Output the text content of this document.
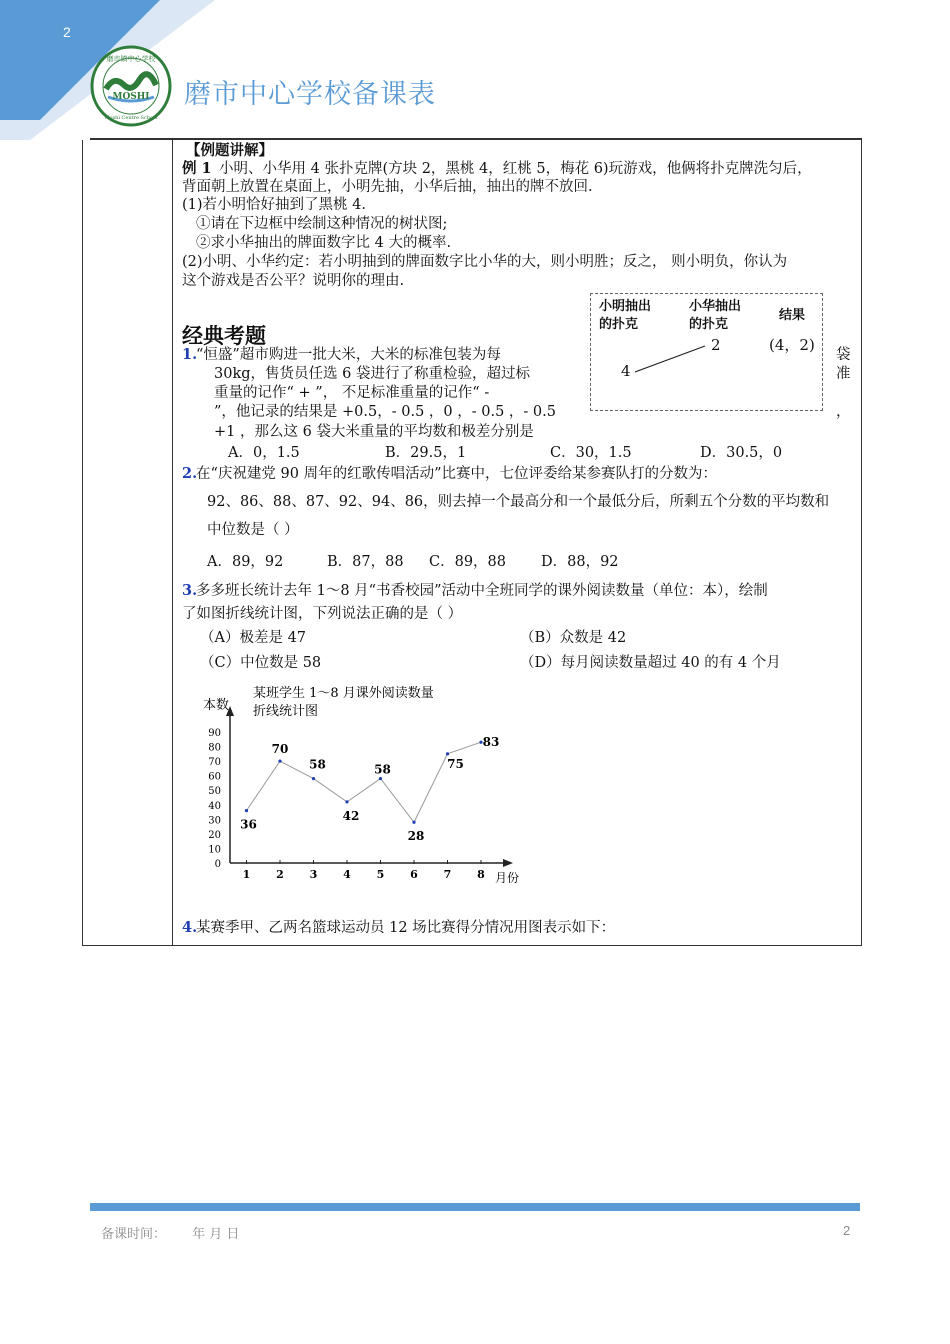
2
MOSHI
磨市镇中心学校
Moshi Centre School
磨市中心学校备课表
【例题讲解】
例 1 小明、小华用 4 张扑克牌(方块 2，黑桃 4，红桃 5，梅花 6)玩游戏，他俩将扑克牌洗匀后，
背面朝上放置在桌面上，小明先抽，小华后抽，抽出的牌不放回.
(1)若小明恰好抽到了黑桃 4.
①请在下边框中绘制这种情况的树状图;
②求小华抽出的牌面数字比 4 大的概率.
(2)小明、小华约定：若小明抽到的牌面数字比小华的大，则小明胜；反之， 则小明负，你认为
这个游戏是否公平？说明你的理由.
小明抽出
的扑克
小华抽出
的扑克
结果
4
2	(4，2)
经典考题
1.
“恒盛”超市购进一批大米，大米的标准包装为每	袋
30kg，售货员任选 6 袋进行了称重检验，超过标	准
重量的记作“ + ”， 不足标准重量的记作“ -
”，他记录的结果是 +0.5，- 0.5 ，0 ，- 0.5 ，- 0.5	，
+1 ，那么这 6 袋大米重量的平均数和极差分别是
A．0，1.5	B．29.5，1	C．30，1.5	D．30.5，0
2.
在“庆祝建党 90 周年的红歌传唱活动”比赛中，七位评委给某参赛队打的分数为：
92、86、88、87、92、94、86，则去掉一个最高分和一个最低分后，所剩五个分数的平均数和
中位数是（ ）
A．89，92	B．87，88 C．89，88 D．88，92
3.
多多班长统计去年 1～8 月“书香校园”活动中全班同学的课外阅读数量（单位：本），绘制
了如图折线统计图，下列说法正确的是（ ）
（A）极差是 47	（B）众数是 42
（C）中位数是 58	（D）每月阅读数量超过 40 的有 4 个月
本数
某班学生 1～8 月课外阅读数量
折线统计图
月份
0
10
20
30
40
50
60
70
80
90
1 2 3 4 5 6 7 8
36
70
58
42
58
28
75
83
4.
某赛季甲、乙两名篮球运动员 12 场比赛得分情况用图表示如下：
备课时间： 年 月 日	2
